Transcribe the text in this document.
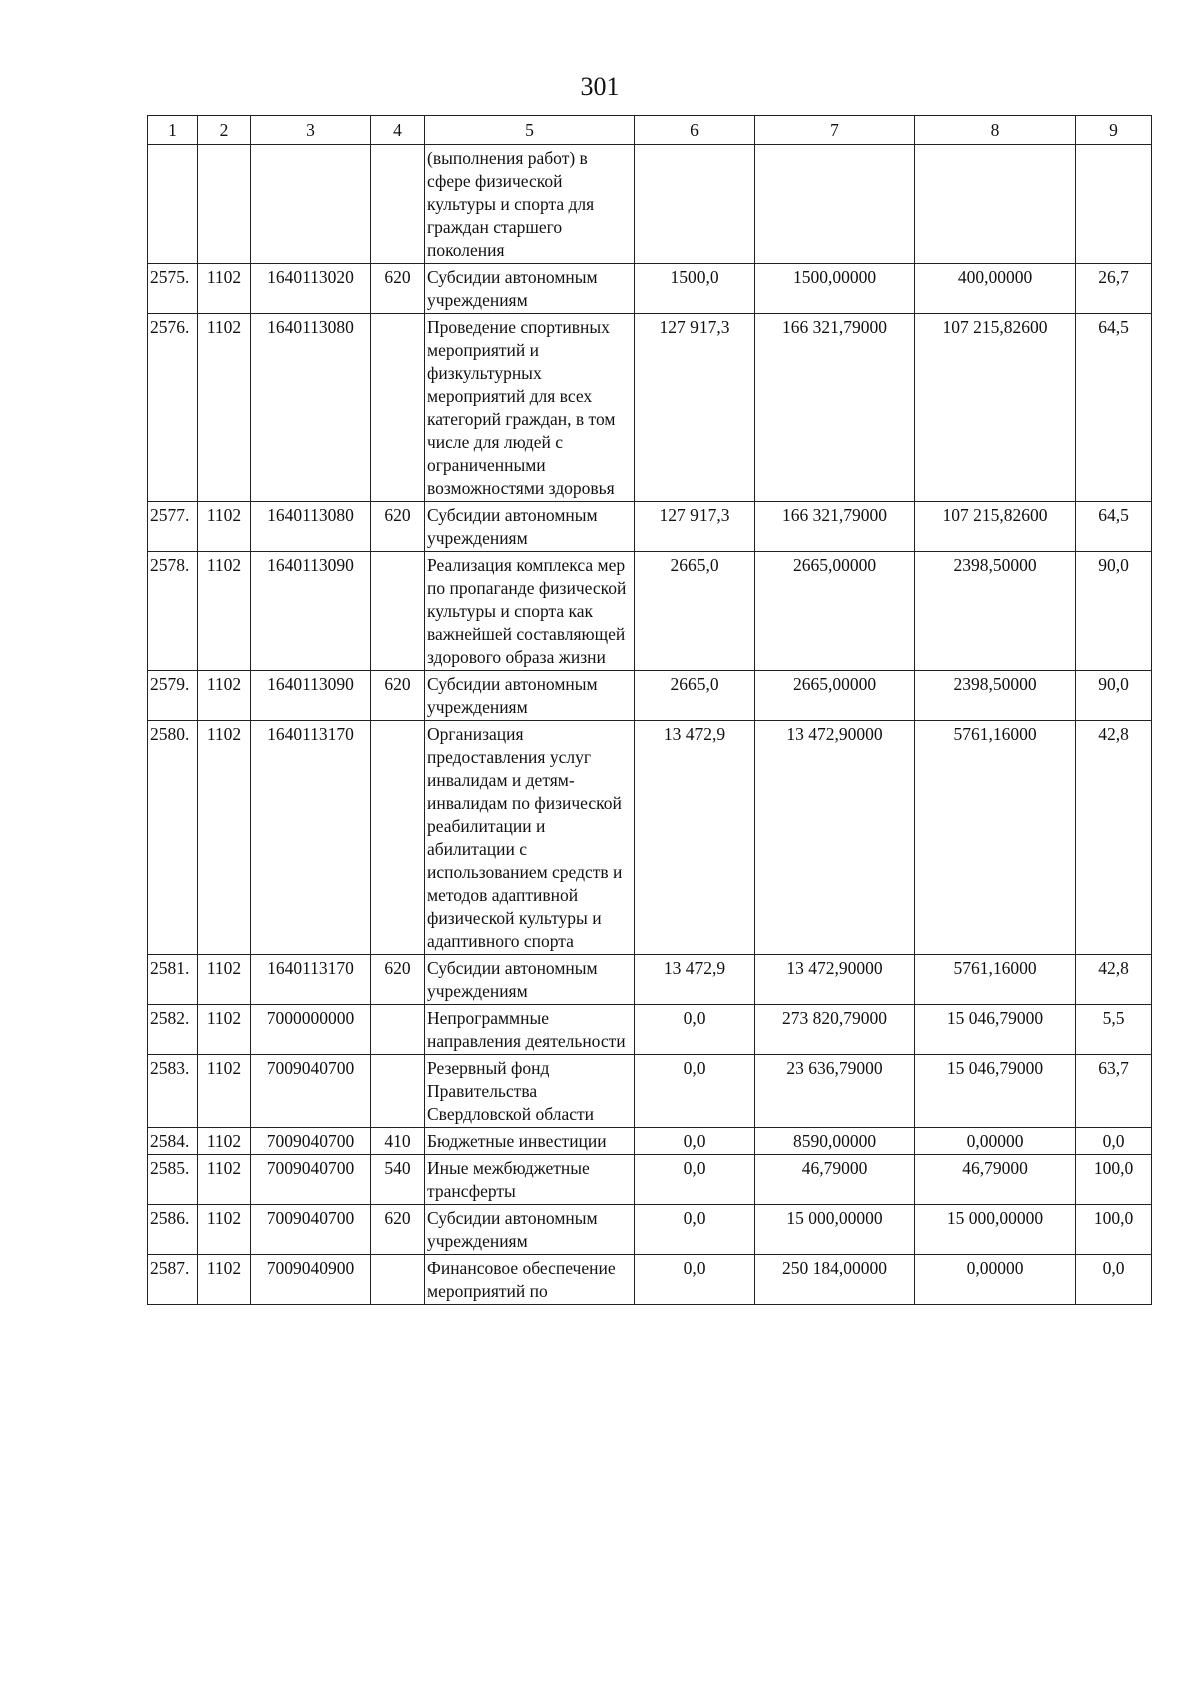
301
1	2	3	4	5	6	7	8	9
				(выполнения работ) в сфере физической культуры и спорта для граждан старшего поколения				
2575.	1102	1640113020	620	Субсидии автономным учреждениям	1500,0	1500,00000	400,00000	26,7
2576.	1102	1640113080		Проведение спортивных мероприятий и физкультурных мероприятий для всех категорий граждан, в том числе для людей с ограниченными возможностями здоровья	127 917,3	166 321,79000	107 215,82600	64,5
2577.	1102	1640113080	620	Субсидии автономным учреждениям	127 917,3	166 321,79000	107 215,82600	64,5
2578.	1102	1640113090		Реализация комплекса мер по пропаганде физической культуры и спорта как важнейшей составляющей здорового образа жизни	2665,0	2665,00000	2398,50000	90,0
2579.	1102	1640113090	620	Субсидии автономным учреждениям	2665,0	2665,00000	2398,50000	90,0
2580.	1102	1640113170		Организация предоставления услуг инвалидам и детям-инвалидам по физической реабилитации и абилитации с использованием средств и методов адаптивной физической культуры и адаптивного спорта	13 472,9	13 472,90000	5761,16000	42,8
2581.	1102	1640113170	620	Субсидии автономным учреждениям	13 472,9	13 472,90000	5761,16000	42,8
2582.	1102	7000000000		Непрограммные направления деятельности	0,0	273 820,79000	15 046,79000	5,5
2583.	1102	7009040700		Резервный фонд Правительства Свердловской области	0,0	23 636,79000	15 046,79000	63,7
2584.	1102	7009040700	410	Бюджетные инвестиции	0,0	8590,00000	0,00000	0,0
2585.	1102	7009040700	540	Иные межбюджетные трансферты	0,0	46,79000	46,79000	100,0
2586.	1102	7009040700	620	Субсидии автономным учреждениям	0,0	15 000,00000	15 000,00000	100,0
2587.	1102	7009040900		Финансовое обеспечение мероприятий по	0,0	250 184,00000	0,00000	0,0
